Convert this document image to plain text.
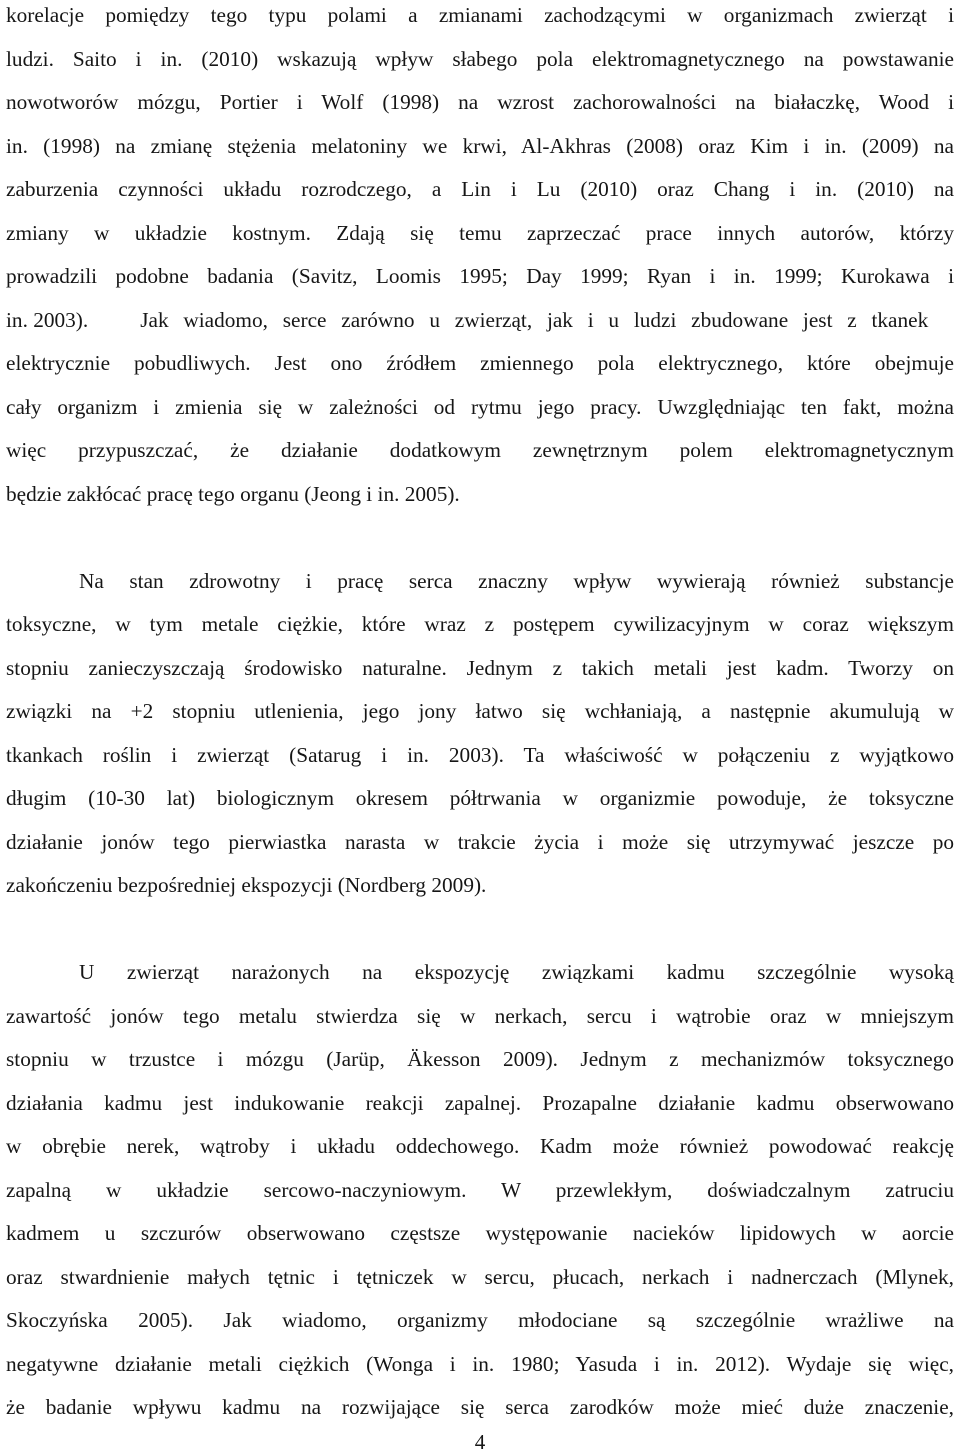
korelacje pomiędzy tego typu polami a zmianami zachodzącymi w organizmach zwierząt i
ludzi. Saito i in. (2010) wskazują wpływ słabego pola elektromagnetycznego na powstawanie
nowotworów mózgu, Portier i Wolf (1998) na wzrost zachorowalności na białaczkę, Wood i
in. (1998) na zmianę stężenia melatoniny we krwi, Al-Akhras (2008) oraz Kim i in. (2009) na
zaburzenia czynności układu rozrodczego, a Lin i Lu (2010) oraz Chang i in. (2010) na
zmiany w układzie kostnym. Zdają się temu zaprzeczać prace innych autorów, którzy
prowadzili podobne badania (Savitz, Loomis 1995; Day 1999; Ryan i in. 1999; Kurokawa i
in. 2003). Jak wiadomo, serce zarówno u zwierząt, jak i u ludzi zbudowane jest z tkanek
elektrycznie pobudliwych. Jest ono źródłem zmiennego pola elektrycznego, które obejmuje
cały organizm i zmienia się w zależności od rytmu jego pracy. Uwzględniając ten fakt, można
więc przypuszczać, że działanie dodatkowym zewnętrznym polem elektromagnetycznym
będzie zakłócać pracę tego organu (Jeong i in. 2005).

Na stan zdrowotny i pracę serca znaczny wpływ wywierają również substancje
toksyczne, w tym metale ciężkie, które wraz z postępem cywilizacyjnym w coraz większym
stopniu zanieczyszczają środowisko naturalne. Jednym z takich metali jest kadm. Tworzy on
związki na +2 stopniu utlenienia, jego jony łatwo się wchłaniają, a następnie akumulują w
tkankach roślin i zwierząt (Satarug i in. 2003). Ta właściwość w połączeniu z wyjątkowo
długim (10-30 lat) biologicznym okresem półtrwania w organizmie powoduje, że toksyczne
działanie jonów tego pierwiastka narasta w trakcie życia i może się utrzymywać jeszcze po
zakończeniu bezpośredniej ekspozycji (Nordberg 2009).

U zwierząt narażonych na ekspozycję związkami kadmu szczególnie wysoką
zawartość jonów tego metalu stwierdza się w nerkach, sercu i wątrobie oraz w mniejszym
stopniu w trzustce i mózgu (Jarüp, Äkesson 2009). Jednym z mechanizmów toksycznego
działania kadmu jest indukowanie reakcji zapalnej. Prozapalne działanie kadmu obserwowano
w obrębie nerek, wątroby i układu oddechowego. Kadm może również powodować reakcję
zapalną w układzie sercowo-naczyniowym. W przewlekłym, doświadczalnym zatruciu
kadmem u szczurów obserwowano częstsze występowanie nacieków lipidowych w aorcie
oraz stwardnienie małych tętnic i tętniczek w sercu, płucach, nerkach i nadnerczach (Mlynek,
Skoczyńska 2005). Jak wiadomo, organizmy młodociane są szczególnie wrażliwe na
negatywne działanie metali ciężkich (Wonga i in. 1980; Yasuda i in. 2012). Wydaje się więc,
że badanie wpływu kadmu na rozwijające się serca zarodków może mieć duże znaczenie,

4
